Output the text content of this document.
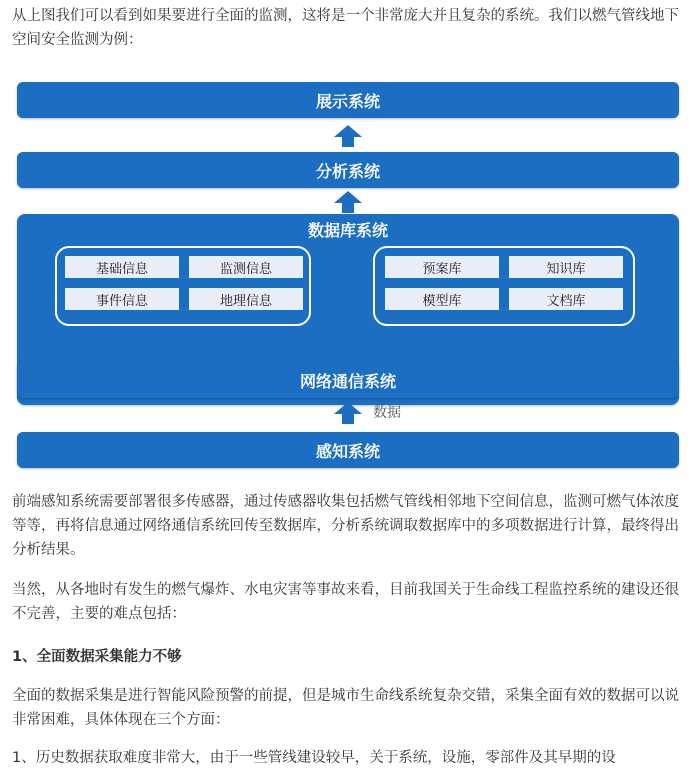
从上图我们可以看到如果要进行全面的监测，这将是一个非常庞大并且复杂的系统。我们以燃气管线地下空间安全监测为例：

展示系统
分析系统
数据库系统
基础信息	监测信息
事件信息	地理信息
预案库	知识库
模型库	文档库
网络通信系统
数据
感知系统

前端感知系统需要部署很多传感器，通过传感器收集包括燃气管线相邻地下空间信息，监测可燃气体浓度等等，再将信息通过网络通信系统回传至数据库，分析系统调取数据库中的多项数据进行计算，最终得出分析结果。

当然，从各地时有发生的燃气爆炸、水电灾害等事故来看，目前我国关于生命线工程监控系统的建设还很不完善，主要的难点包括：

1、全面数据采集能力不够

全面的数据采集是进行智能风险预警的前提，但是城市生命线系统复杂交错，采集全面有效的数据可以说非常困难，具体体现在三个方面：

1、历史数据获取难度非常大，由于一些管线建设较早，关于系统，设施，零部件及其早期的设
